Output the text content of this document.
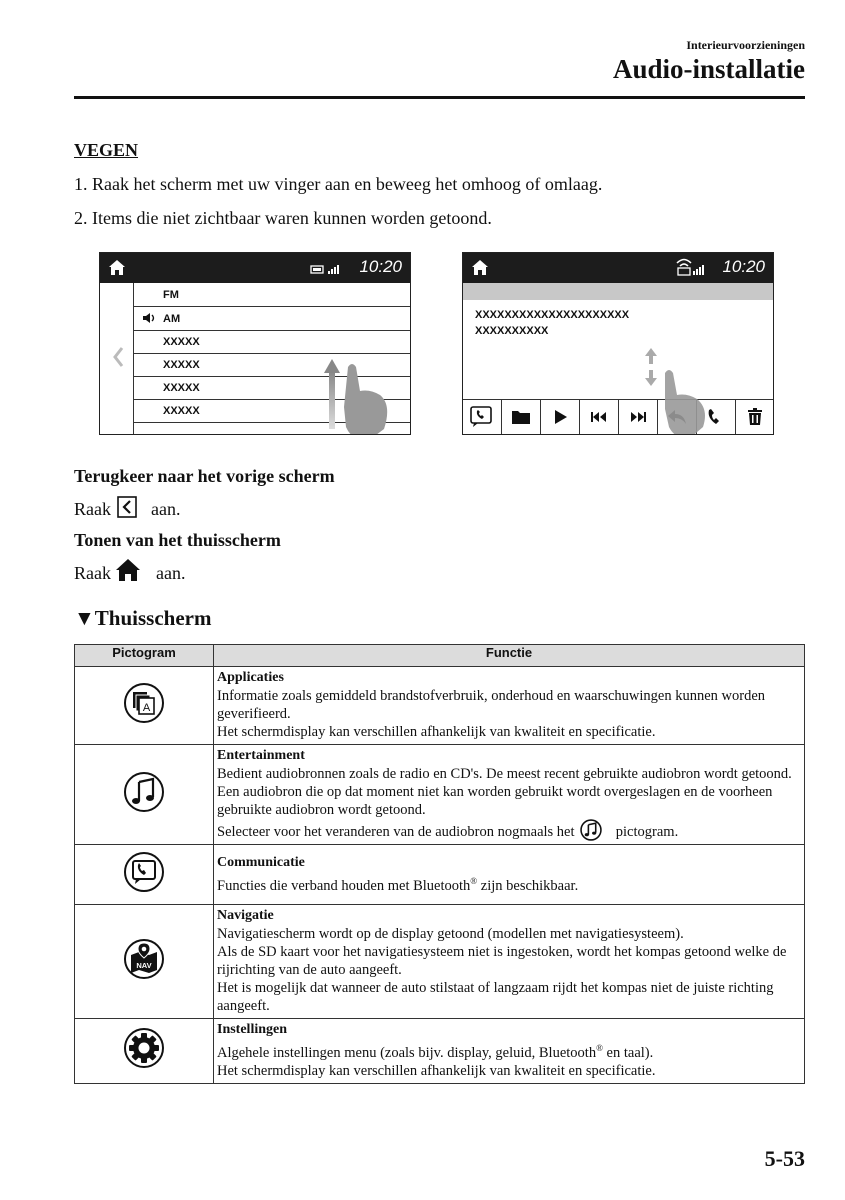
Interieurvoorzieningen
Audio-installatie
VEGEN
1. Raak het scherm met uw vinger aan en beweeg het omhoog of omlaag.
2. Items die niet zichtbaar waren kunnen worden getoond.
10:20
FM
AM
XXXXX
XXXXX
XXXXX
XXXXX
10:20
XXXXXXXXXXXXXXXXXXXXX
XXXXXXXXXX
Terugkeer naar het vorige scherm
Raak aan.
Tonen van het thuisscherm
Raak	aan.
▼Thuisscherm
Pictogram	Functie

A	Applicaties
Informatie zoals gemiddeld brandstofverbruik, onderhoud en waarschuwingen kunnen worden geverifieerd.
Het schermdisplay kan verschillen afhankelijk van kwaliteit en specificatie.

Entertainment
Bedient audiobronnen zoals de radio en CD's. De meest recent gebruikte audiobron wordt getoond. Een audiobron die op dat moment niet kan worden gebruikt wordt overgeslagen en de voorheen gebruikte audiobron wordt getoond.
Selecteer voor het veranderen van de audiobron nogmaals het pictogram.

Communicatie
Functies die verband houden met Bluetooth® zijn beschikbaar.

NAV	Navigatie
Navigatiescherm wordt op de display getoond (modellen met navigatiesysteem).
Als de SD kaart voor het navigatiesysteem niet is ingestoken, wordt het kompas getoond welke de rijrichting van de auto aangeeft.
Het is mogelijk dat wanneer de auto stilstaat of langzaam rijdt het kompas niet de juiste richting aangeeft.

Instellingen
Algehele instellingen menu (zoals bijv. display, geluid, Bluetooth® en taal).
Het schermdisplay kan verschillen afhankelijk van kwaliteit en specificatie.
5-53
